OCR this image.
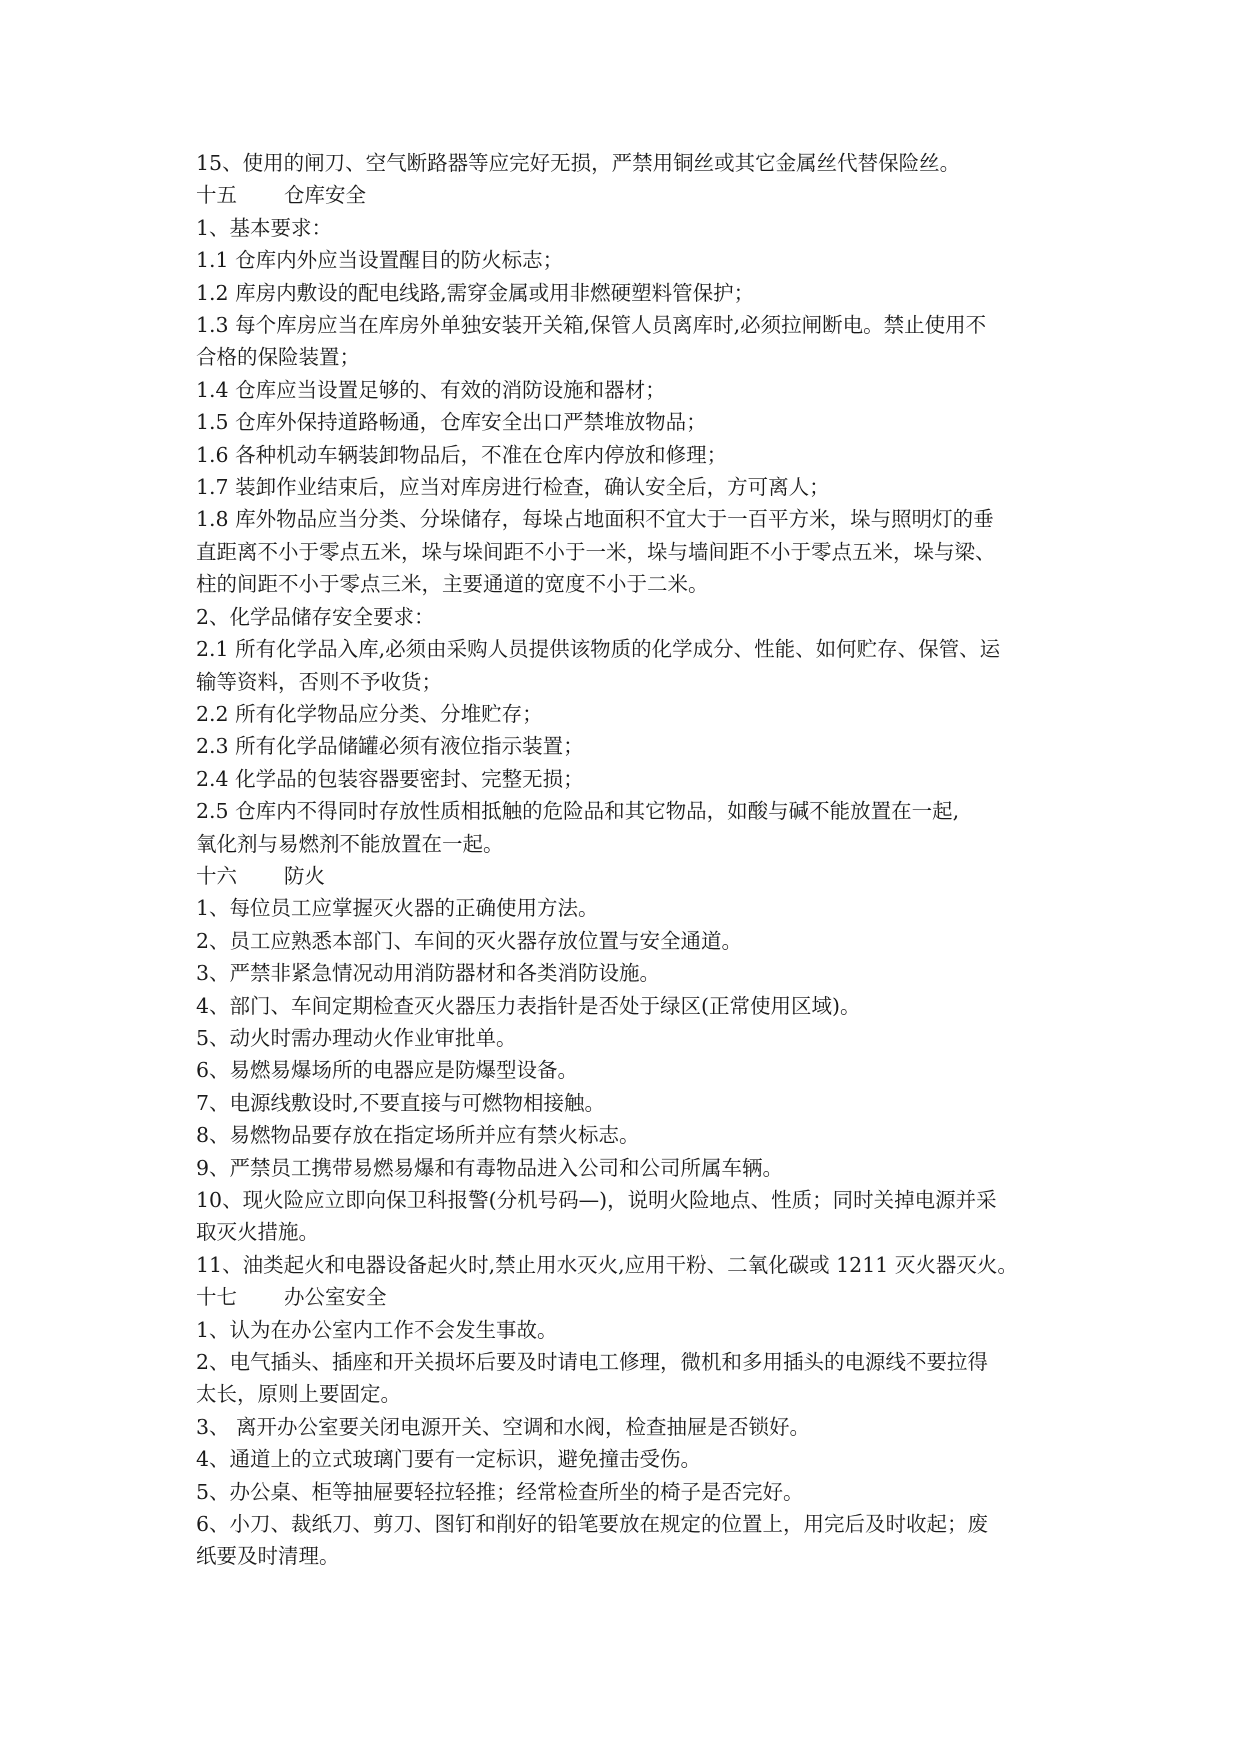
15、使用的闸刀、空气断路器等应完好无损，严禁用铜丝或其它金属丝代替保险丝。
十五 仓库安全
1、基本要求：
1.1 仓库内外应当设置醒目的防火标志；
1.2 库房内敷设的配电线路,需穿金属或用非燃硬塑料管保护；
1.3 每个库房应当在库房外单独安装开关箱,保管人员离库时,必须拉闸断电。禁止使用不
合格的保险装置；
1.4 仓库应当设置足够的、有效的消防设施和器材；
1.5 仓库外保持道路畅通，仓库安全出口严禁堆放物品；
1.6 各种机动车辆装卸物品后，不准在仓库内停放和修理；
1.7 装卸作业结束后，应当对库房进行检查，确认安全后，方可离人；
1.8 库外物品应当分类、分垛储存，每垛占地面积不宜大于一百平方米，垛与照明灯的垂
直距离不小于零点五米，垛与垛间距不小于一米，垛与墙间距不小于零点五米，垛与梁、
柱的间距不小于零点三米，主要通道的宽度不小于二米。
2、化学品储存安全要求：
2.1 所有化学品入库,必须由采购人员提供该物质的化学成分、性能、如何贮存、保管、运
输等资料，否则不予收货；
2.2 所有化学物品应分类、分堆贮存；
2.3 所有化学品储罐必须有液位指示装置；
2.4 化学品的包装容器要密封、完整无损；
2.5 仓库内不得同时存放性质相抵触的危险品和其它物品，如酸与碱不能放置在一起,
氧化剂与易燃剂不能放置在一起。
十六 防火
1、每位员工应掌握灭火器的正确使用方法。
2、员工应熟悉本部门、车间的灭火器存放位置与安全通道。
3、严禁非紧急情况动用消防器材和各类消防设施。
4、部门、车间定期检查灭火器压力表指针是否处于绿区(正常使用区域)。
5、动火时需办理动火作业审批单。
6、易燃易爆场所的电器应是防爆型设备。
7、电源线敷设时,不要直接与可燃物相接触。
8、易燃物品要存放在指定场所并应有禁火标志。
9、严禁员工携带易燃易爆和有毒物品进入公司和公司所属车辆。
10、现火险应立即向保卫科报警(分机号码—)，说明火险地点、性质；同时关掉电源并采
取灭火措施。
11、油类起火和电器设备起火时,禁止用水灭火,应用干粉、二氧化碳或 1211 灭火器灭火。
十七 办公室安全
1、认为在办公室内工作不会发生事故。
2、电气插头、插座和开关损坏后要及时请电工修理，微机和多用插头的电源线不要拉得
太长，原则上要固定。
3、 离开办公室要关闭电源开关、空调和水阀，检查抽屉是否锁好。
4、通道上的立式玻璃门要有一定标识，避免撞击受伤。
5、办公桌、柜等抽屉要轻拉轻推；经常检查所坐的椅子是否完好。
6、小刀、裁纸刀、剪刀、图钉和削好的铅笔要放在规定的位置上，用完后及时收起；废
纸要及时清理。
